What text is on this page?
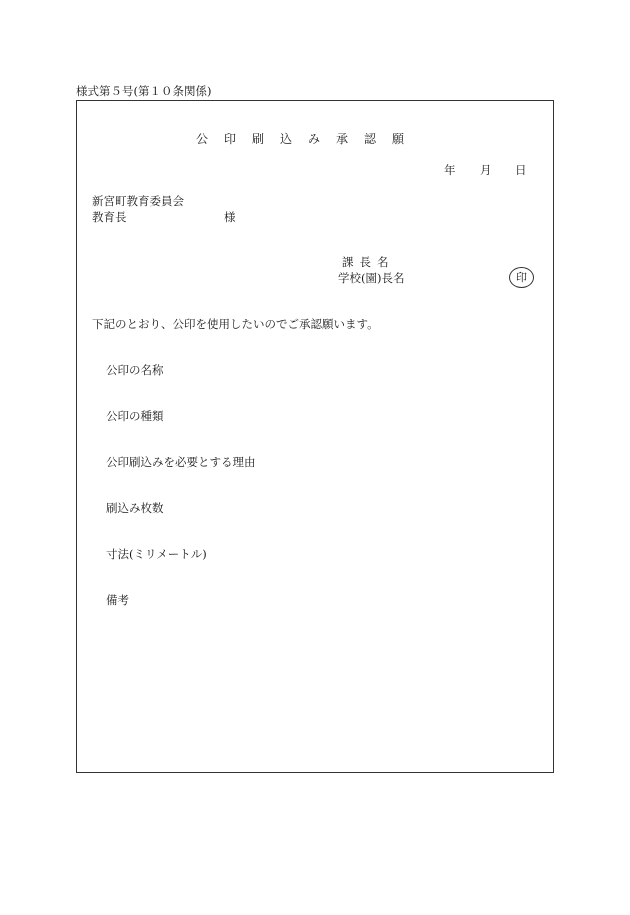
様式第５号(第１０条関係)
公印刷込み承認願
年 月 日
新宮町教育委員会
教育長	様
課長名
学校(園)長名	印
下記のとおり、公印を使用したいのでご承認願います。
公印の名称
公印の種類
公印刷込みを必要とする理由
刷込み枚数
寸法(ミリメートル)
備考
